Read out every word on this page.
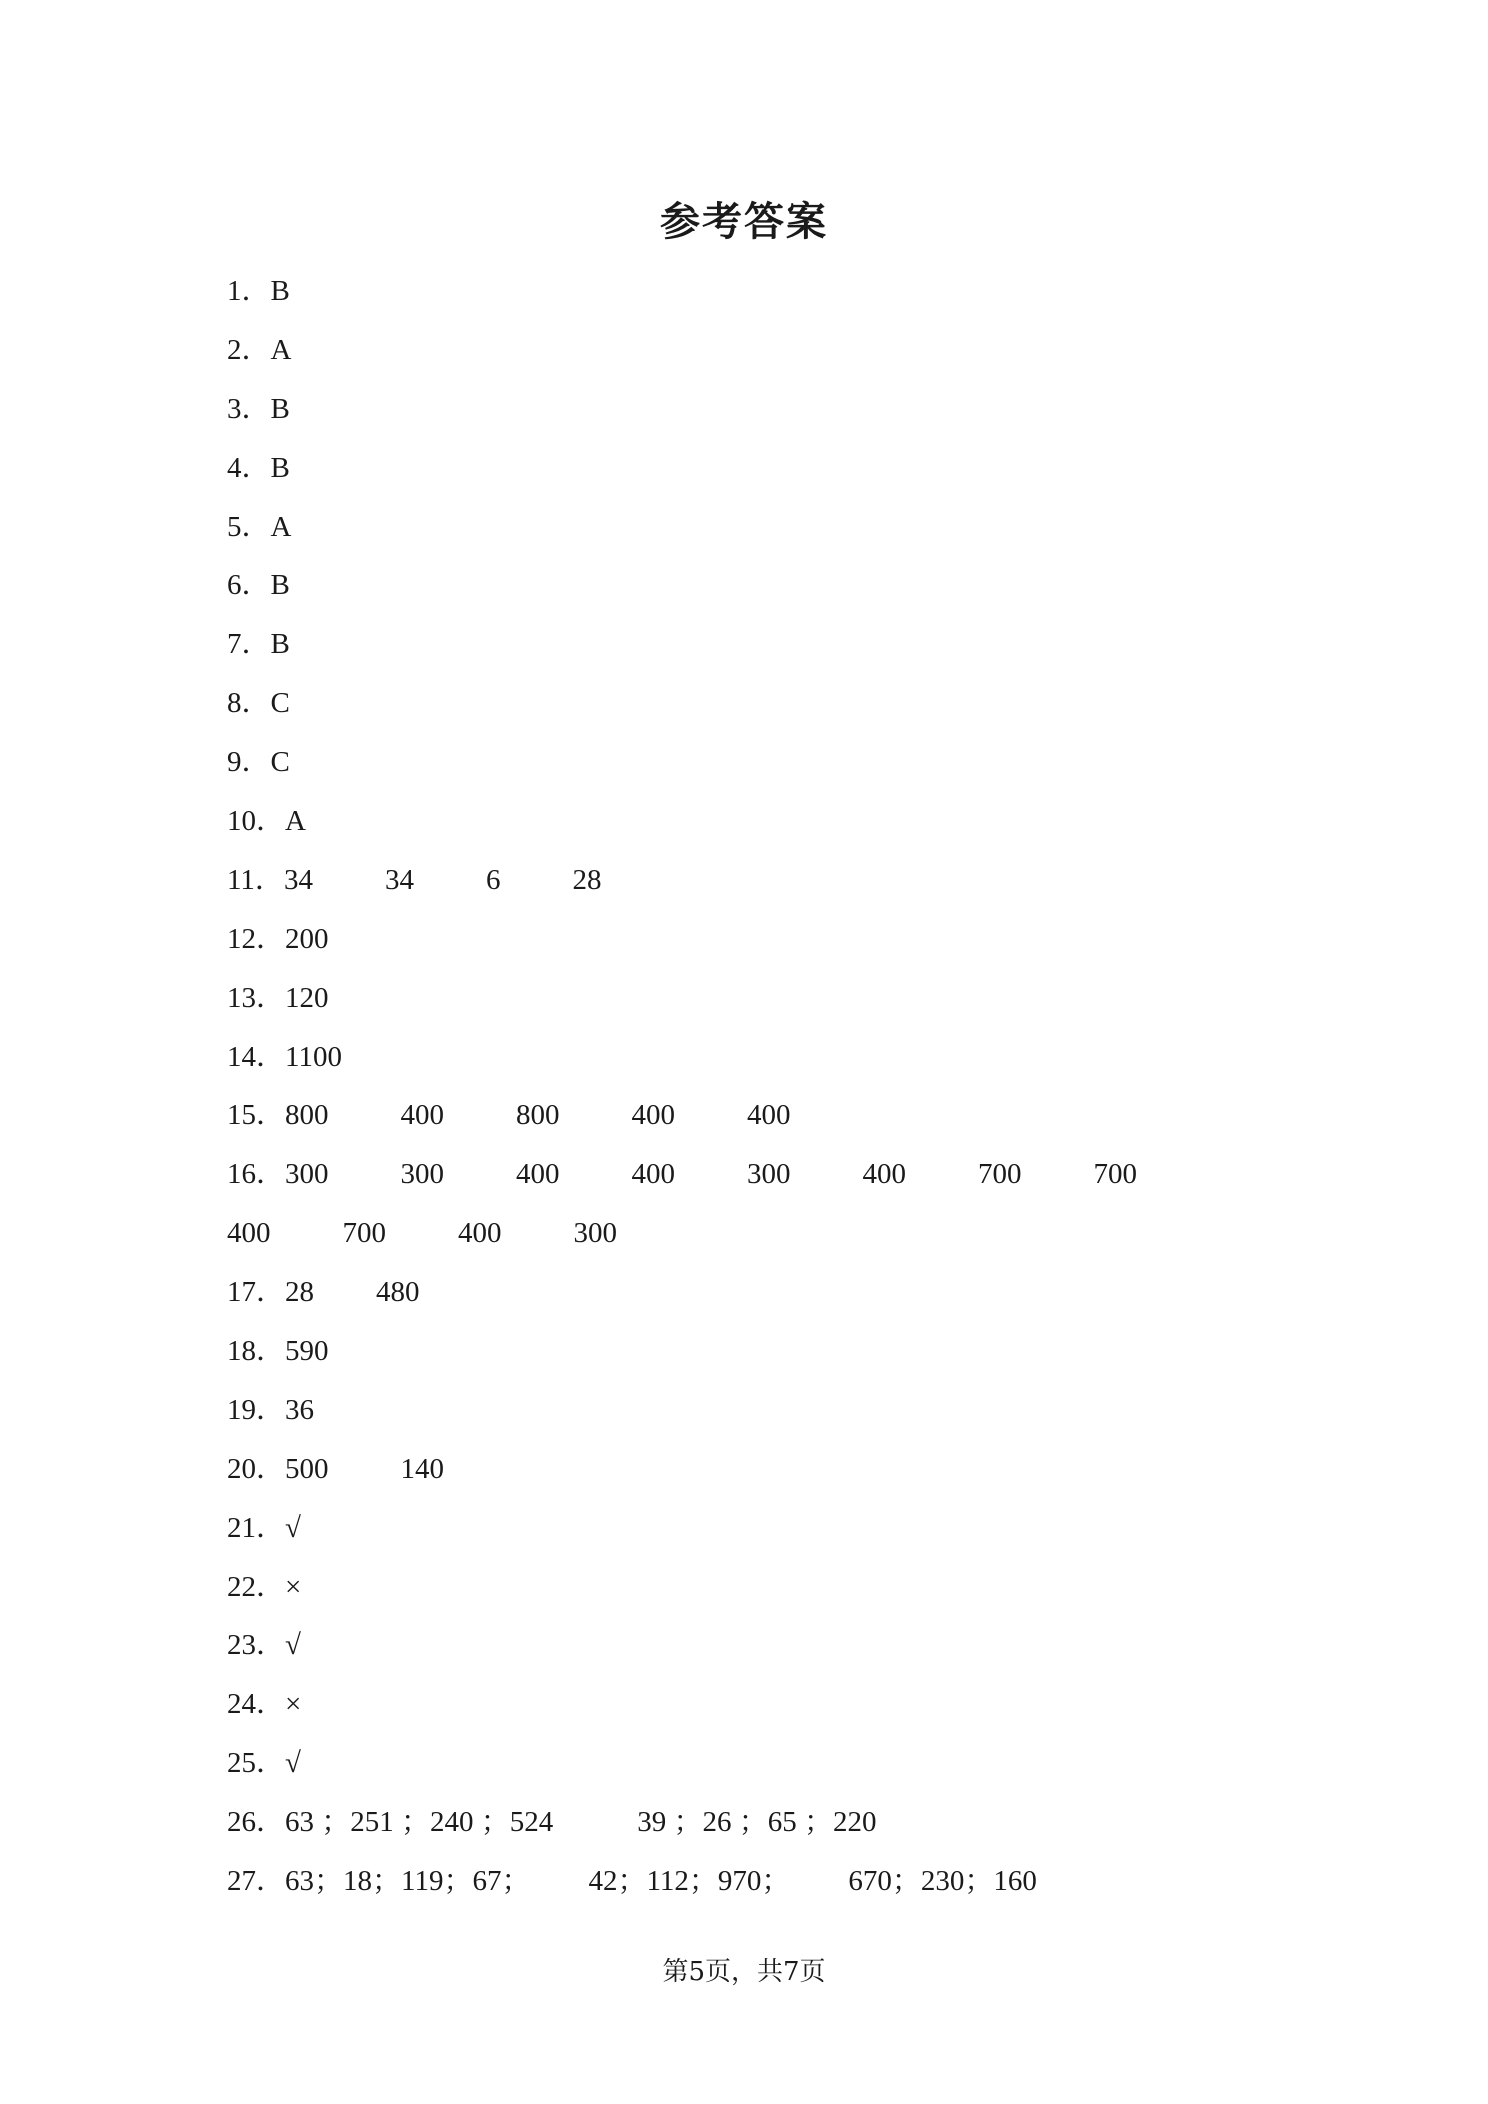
参考答案
1．B
2．A
3．B
4．B
5．A
6．B
7．B
8．C
9．C
10．A
11．34 34 6 28
12．200
13．120
14．1100
15．800 400 800 400 400
16．300 300 400 400 300 400 700 700
400 700 400 300
17．28 480
18．590
19．36
20．500 140
21．√
22．×
23．√
24．×
25．√
26．63 ；251 ；240 ；524	39 ；26 ；65 ；220
27．63；18；119；67； 42；112；970； 670；230；160
第5页，共7页
